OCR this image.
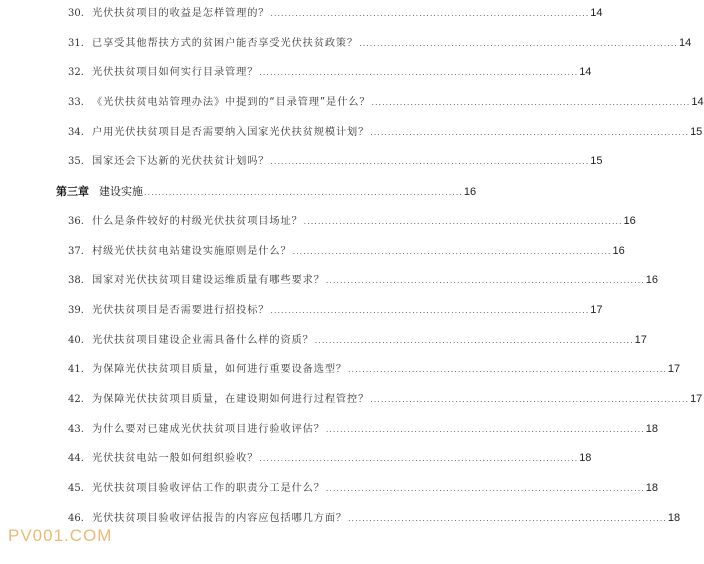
30. 光伏扶贫项目的收益是怎样管理的？ .......................................................................................... 14
31. 已享受其他帮扶方式的贫困户能否享受光伏扶贫政策？ .......................................................................................... 14
32. 光伏扶贫项目如何实行目录管理？ .......................................................................................... 14
33. 《光伏扶贫电站管理办法》中提到的“目录管理”是什么？ .......................................................................................... 14
34. 户用光伏扶贫项目是否需要纳入国家光伏扶贫规模计划？ .......................................................................................... 15
35. 国家还会下达新的光伏扶贫计划吗？ .......................................................................................... 15
第三章 建设实施 .......................................................................................... 16
36. 什么是条件较好的村级光伏扶贫项目场址？ .......................................................................................... 16
37. 村级光伏扶贫电站建设实施原则是什么？ .......................................................................................... 16
38. 国家对光伏扶贫项目建设运维质量有哪些要求？ .......................................................................................... 16
39. 光伏扶贫项目是否需要进行招投标？ .......................................................................................... 17
40. 光伏扶贫项目建设企业需具备什么样的资质？ .......................................................................................... 17
41. 为保障光伏扶贫项目质量，如何进行重要设备选型？ .......................................................................................... 17
42. 为保障光伏扶贫项目质量，在建设期如何进行过程管控？ .......................................................................................... 17
43. 为什么要对已建成光伏扶贫项目进行验收评估？ .......................................................................................... 18
44. 光伏扶贫电站一般如何组织验收？ .......................................................................................... 18
45. 光伏扶贫项目验收评估工作的职责分工是什么？ .......................................................................................... 18
46. 光伏扶贫项目验收评估报告的内容应包括哪几方面？ .......................................................................................... 18
PV001.COM
